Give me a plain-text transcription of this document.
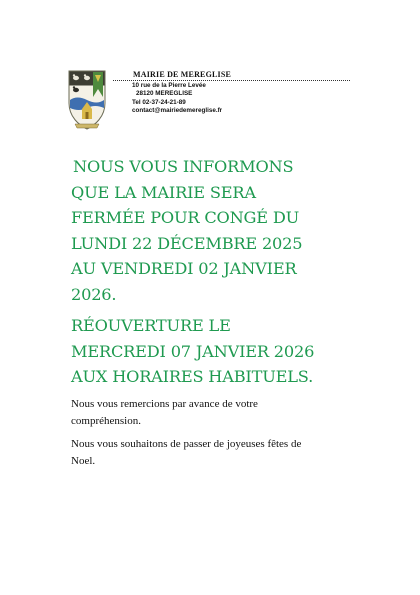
MAIRIE DE MEREGLISE
10 rue de la Pierre Levée
28120 MEREGLISE
Tel 02-37-24-21-89
contact@mairiedemereglise.fr
NOUS VOUS INFORMONS
QUE LA MAIRIE SERA
FERMÉE POUR CONGÉ DU
LUNDI 22 DÉCEMBRE 2025
AU VENDREDI 02 JANVIER
2026.
RÉOUVERTURE LE
MERCREDI 07 JANVIER 2026
AUX HORAIRES HABITUELS.
Nous vous remercions par avance de votre
compréhension.
Nous vous souhaitons de passer de joyeuses fêtes de
Noel.
